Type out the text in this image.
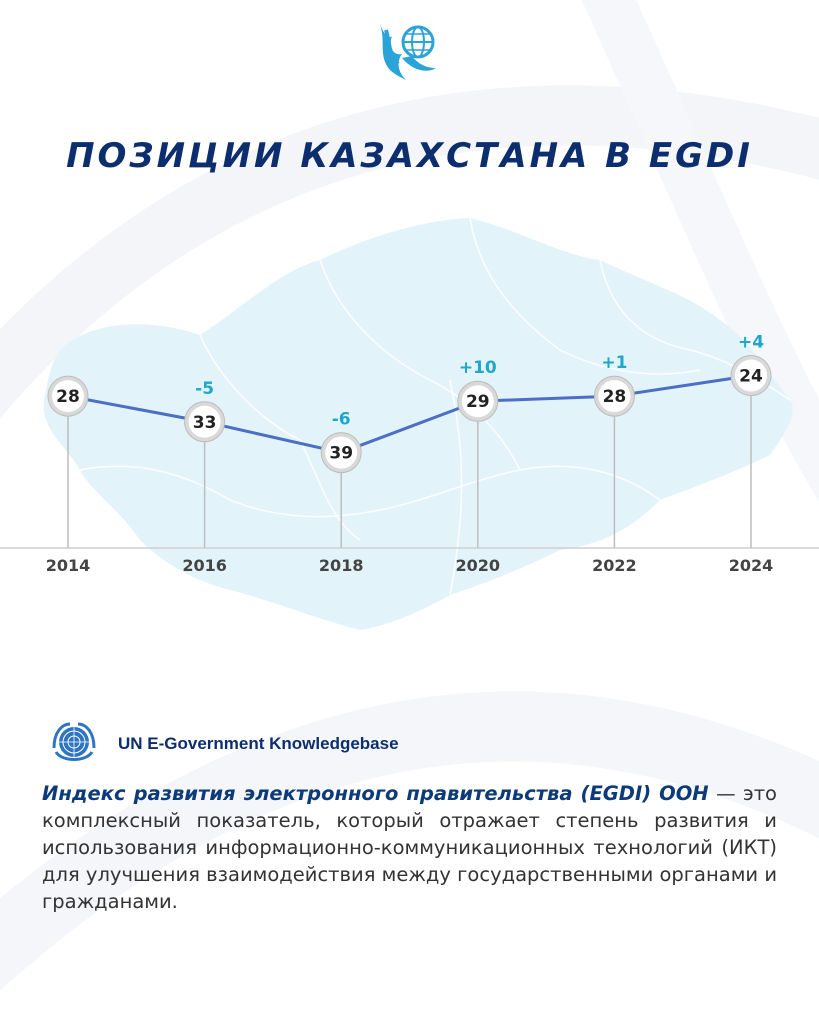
ПОЗИЦИИ КАЗАХСТАНА В EGDI
28
33
-5
39
-6
29
+10
28
+1
24
+4
2014	2016	2018	2020	2022	2024
UN E-Government Knowledgebase

Индекс развития электронного правительства (EGDI) ООН — это комплексный показатель, который отражает степень развития и использования информационно-коммуникационных технологий (ИКТ) для улучшения взаимодействия между государственными органами и гражданами.
